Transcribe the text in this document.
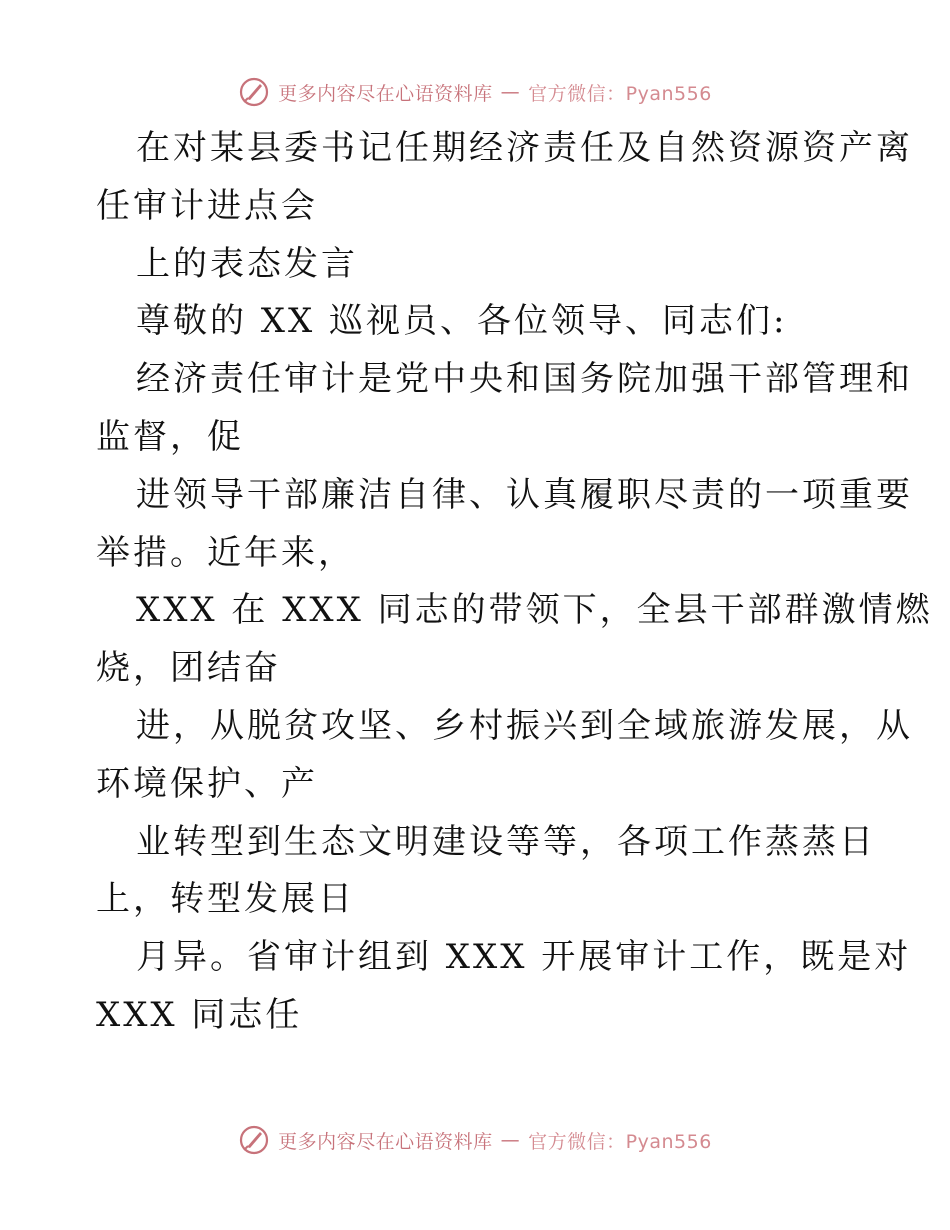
更多内容尽在心语资料库 — 官方微信：Pyan556
在对某县委书记任期经济责任及自然资源资产离
任审计进点会
上的表态发言
尊敬的 XX 巡视员、各位领导、同志们:
经济责任审计是党中央和国务院加强干部管理和
监督，促
进领导干部廉洁自律、认真履职尽责的一项重要
举措。近年来，
XXX 在 XXX 同志的带领下，全县干部群激情燃
烧，团结奋
进，从脱贫攻坚、乡村振兴到全域旅游发展，从
环境保护、产
业转型到生态文明建设等等，各项工作蒸蒸日
上，转型发展日
月异。省审计组到 XXX 开展审计工作，既是对
XXX 同志任
更多内容尽在心语资料库 — 官方微信：Pyan556
